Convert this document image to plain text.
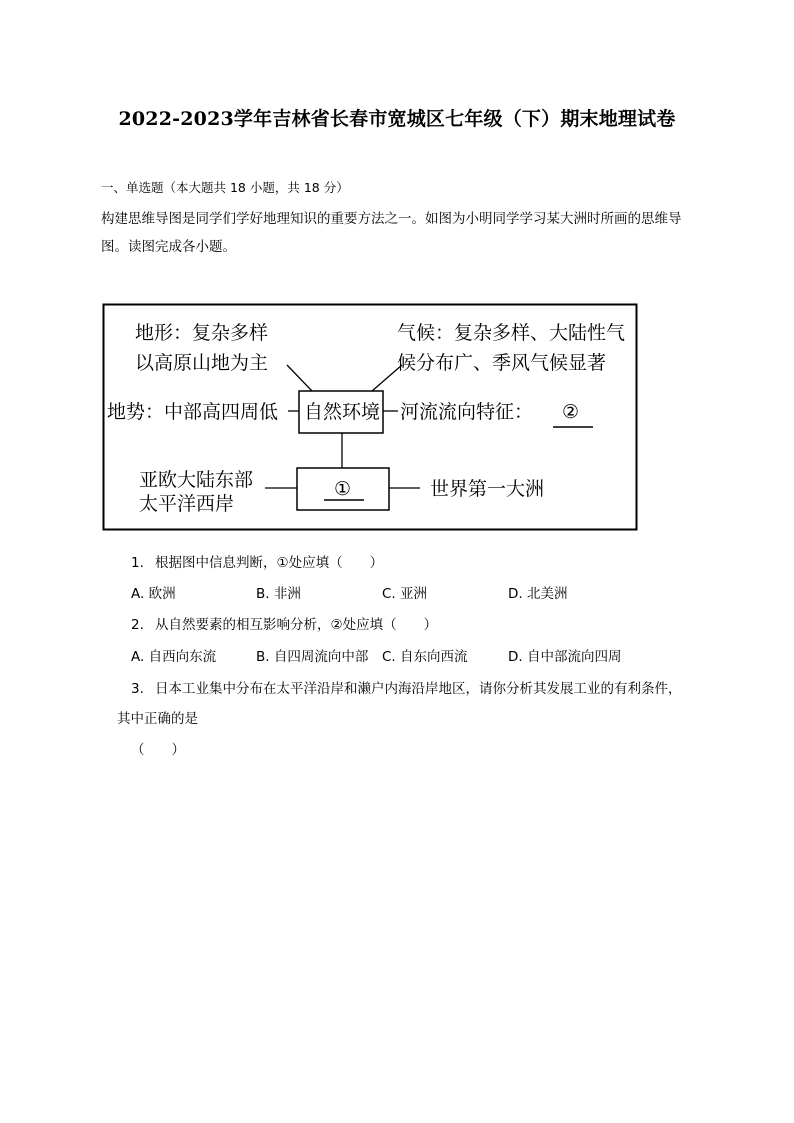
2022-2023学年吉林省长春市宽城区七年级（下）期末地理试卷
一、单选题（本大题共 18 小题，共 18 分）
构建思维导图是同学们学好地理知识的重要方法之一。如图为小明同学学习某大洲时所画的思维导图。读图完成各小题。
地形：复杂多样
以高原山地为主
气候：复杂多样、大陆性气
候分布广、季风气候显著
地势：中部高四周低 自然环境 河流流向特征： ②
亚欧大陆东部
太平洋西岸
①	世界第一大洲
1. 根据图中信息判断，①处应填（　　）
A. 欧洲	B. 非洲	C. 亚洲	D. 北美洲
2. 从自然要素的相互影响分析，②处应填（　　）
A. 自西向东流	B. 自四周流向中部 C. 自东向西流	D. 自中部流向四周
3. 日本工业集中分布在太平洋沿岸和濑户内海沿岸地区，请你分析其发展工业的有利条件，
其中正确的是
（　　）
